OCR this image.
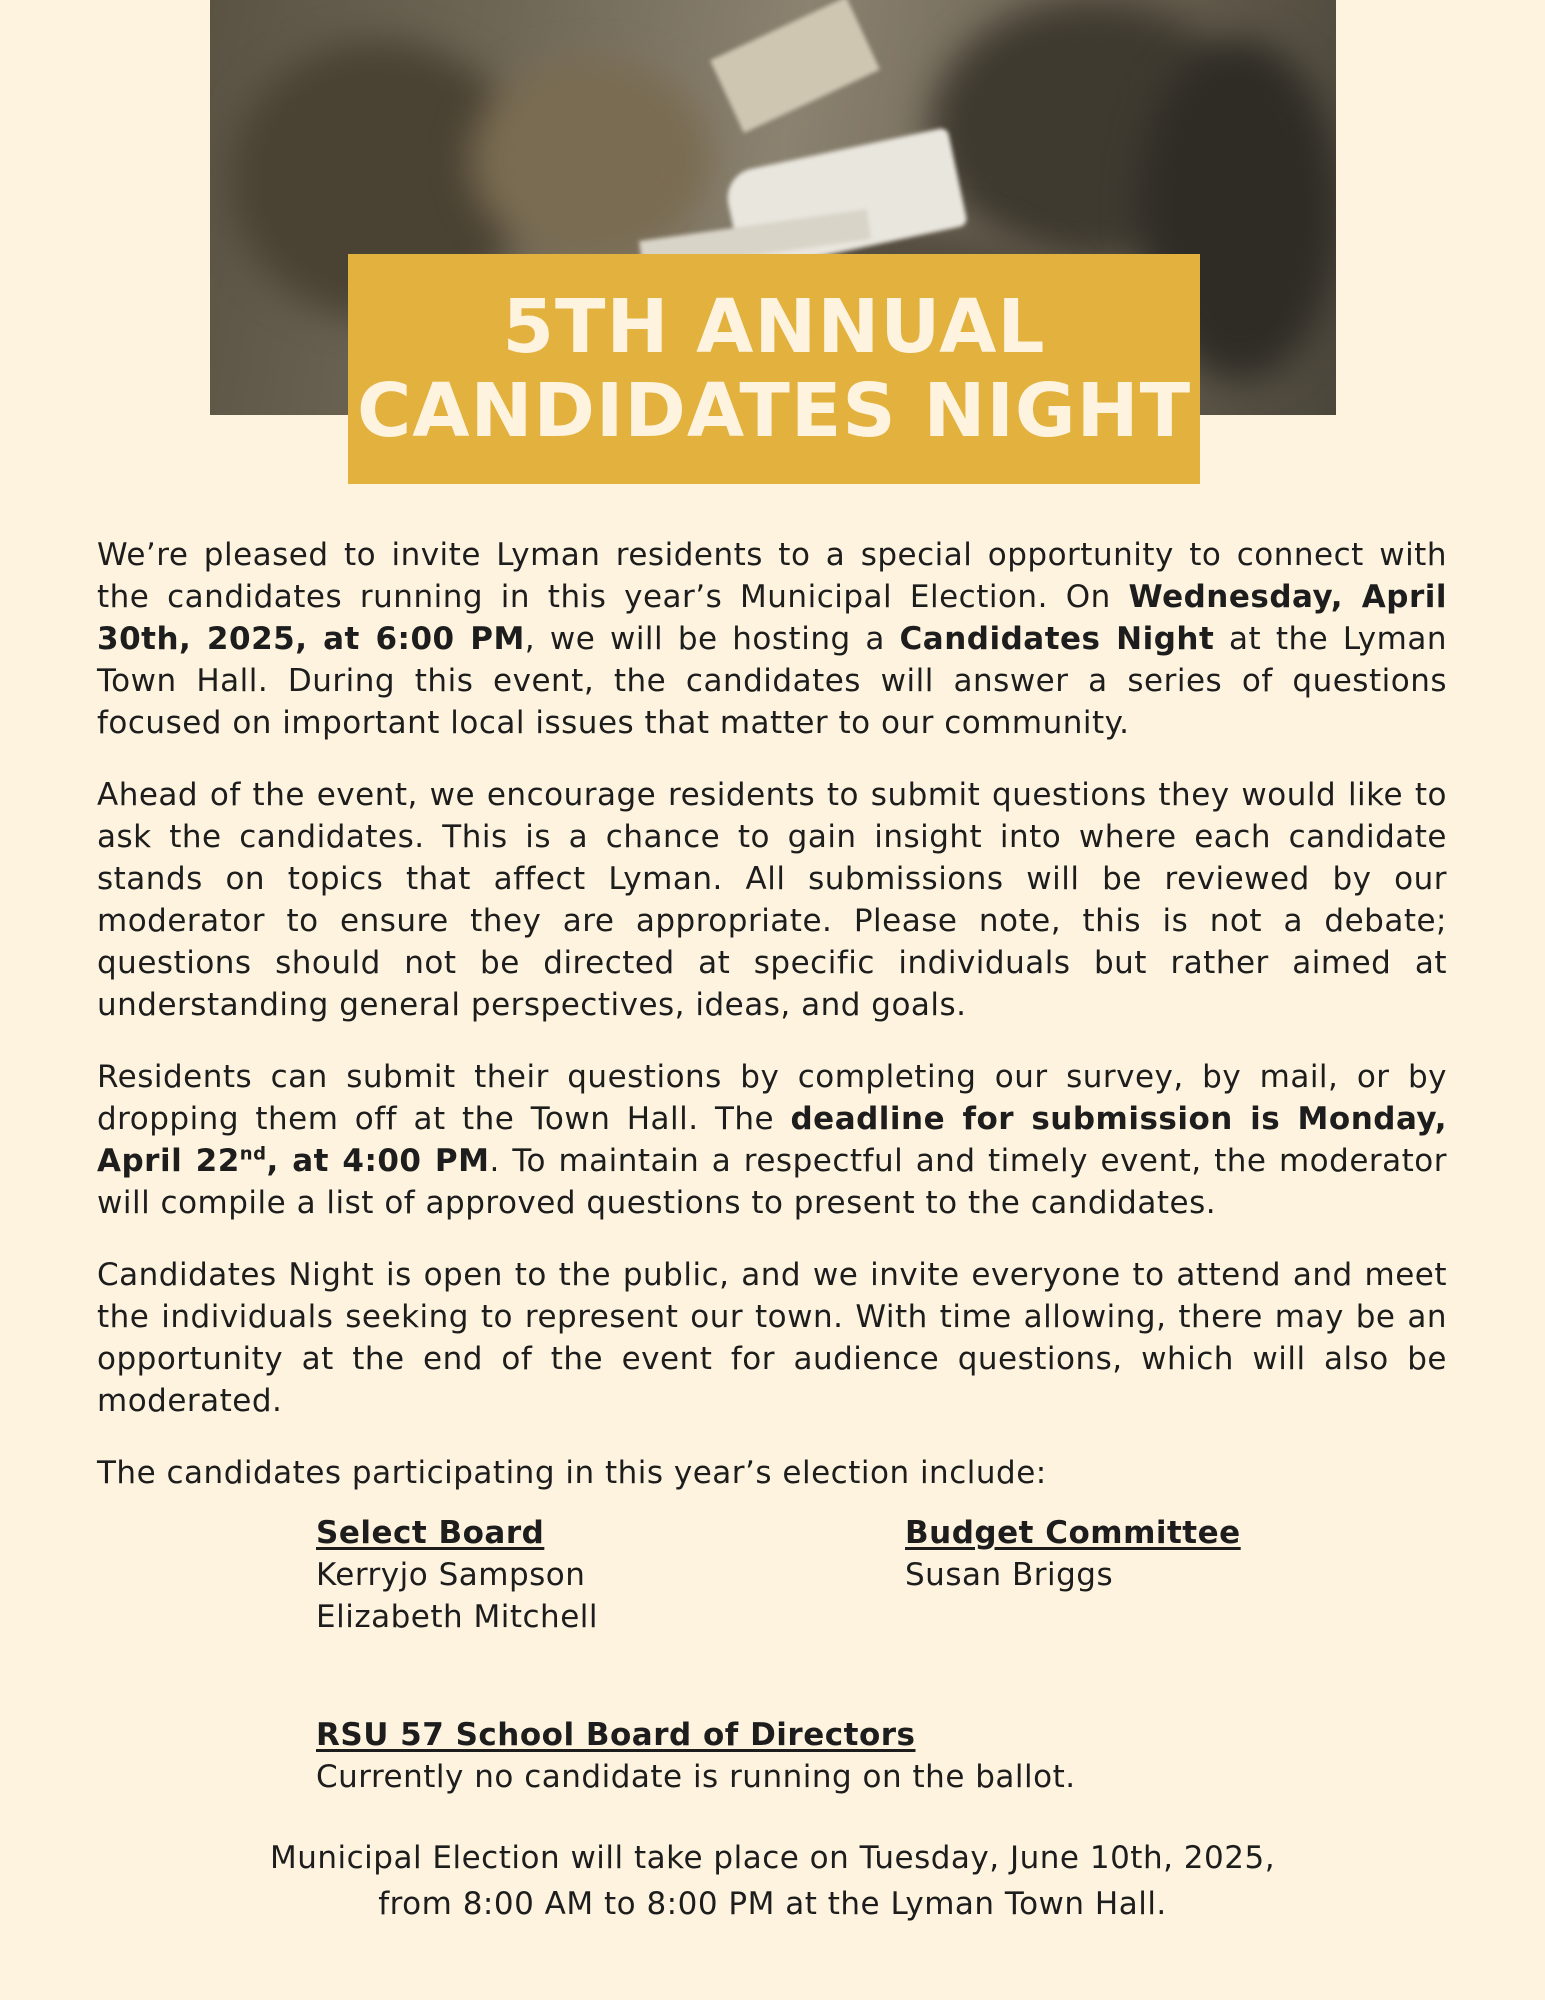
5TH ANNUAL
CANDIDATES NIGHT

We’re pleased to invite Lyman residents to a special opportunity to connect with the candidates running in this year’s Municipal Election. On Wednesday, April 30th, 2025, at 6:00 PM, we will be hosting a Candidates Night at the Lyman Town Hall. During this event, the candidates will answer a series of questions focused on important local issues that matter to our community.

Ahead of the event, we encourage residents to submit questions they would like to ask the candidates. This is a chance to gain insight into where each candidate stands on topics that affect Lyman. All submissions will be reviewed by our moderator to ensure they are appropriate. Please note, this is not a debate; questions should not be directed at specific individuals but rather aimed at understanding general perspectives, ideas, and goals.

Residents can submit their questions by completing our survey, by mail, or by dropping them off at the Town Hall. The deadline for submission is Monday, April 22nd, at 4:00 PM. To maintain a respectful and timely event, the moderator will compile a list of approved questions to present to the candidates.

Candidates Night is open to the public, and we invite everyone to attend and meet the individuals seeking to represent our town. With time allowing, there may be an opportunity at the end of the event for audience questions, which will also be moderated.

The candidates participating in this year’s election include:

Select Board
Kerryjo Sampson
Elizabeth Mitchell
Budget Committee
Susan Briggs
RSU 57 School Board of Directors
Currently no candidate is running on the ballot.
Municipal Election will take place on Tuesday, June 10th, 2025,
from 8:00 AM to 8:00 PM at the Lyman Town Hall.
